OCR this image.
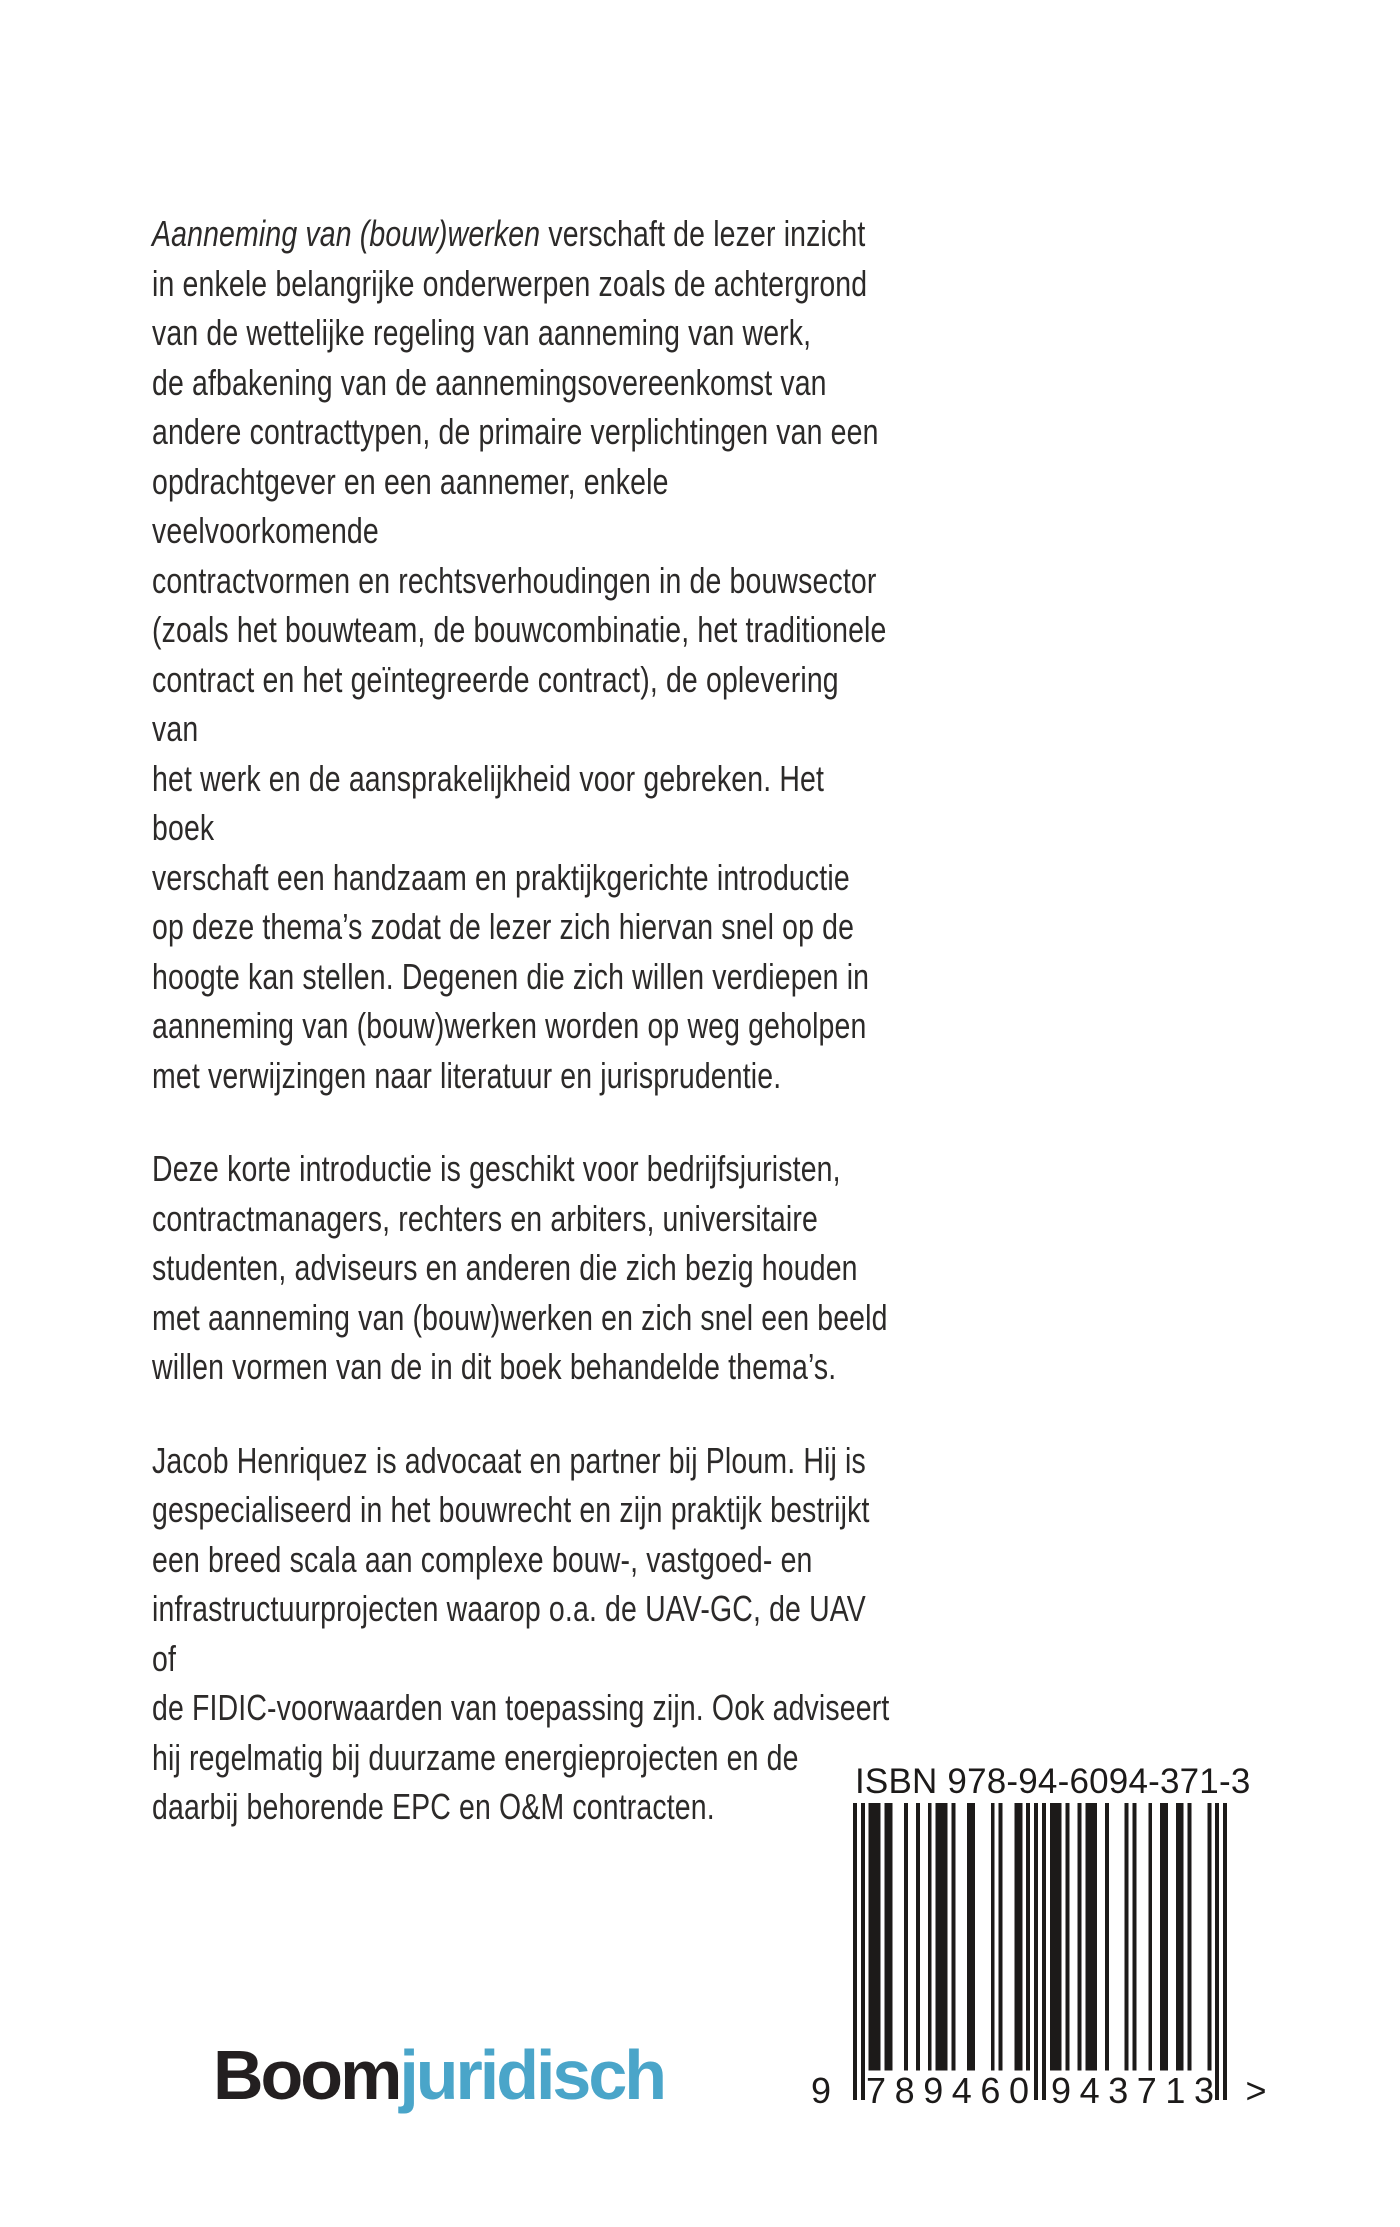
Aanneming van (bouw)werken verschaft de lezer inzicht
in enkele belangrijke onderwerpen zoals de achtergrond
van de wettelijke regeling van aanneming van werk,
de afbakening van de aannemingsovereenkomst van
andere contracttypen, de primaire verplichtingen van een
opdrachtgever en een aannemer, enkele veelvoorkomende
contractvormen en rechtsverhoudingen in de bouwsector
(zoals het bouwteam, de bouwcombinatie, het traditionele
contract en het geïntegreerde contract), de oplevering van
het werk en de aansprakelijkheid voor gebreken. Het boek
verschaft een handzaam en praktijkgerichte introductie
op deze thema’s zodat de lezer zich hiervan snel op de
hoogte kan stellen. Degenen die zich willen verdiepen in
aanneming van (bouw)werken worden op weg geholpen
met verwijzingen naar literatuur en jurisprudentie.
Deze korte introductie is geschikt voor bedrijfsjuristen,
contractmanagers, rechters en arbiters, universitaire
studenten, adviseurs en anderen die zich bezig houden
met aanneming van (bouw)werken en zich snel een beeld
willen vormen van de in dit boek behandelde thema’s.
Jacob Henriquez is advocaat en partner bij Ploum. Hij is
gespecialiseerd in het bouwrecht en zijn praktijk bestrijkt
een breed scala aan complexe bouw-, vastgoed- en
infrastructuurprojecten waarop o.a. de UAV-GC, de UAV of
de FIDIC-voorwaarden van toepassing zijn. Ook adviseert
hij regelmatig bij duurzame energieprojecten en de
daarbij behorende EPC en O&M contracten.
ISBN 978-94-6094-371-3
9 7 8 9 4 6 0 9 4 3 7 1 3 >
Boomjuridisch
